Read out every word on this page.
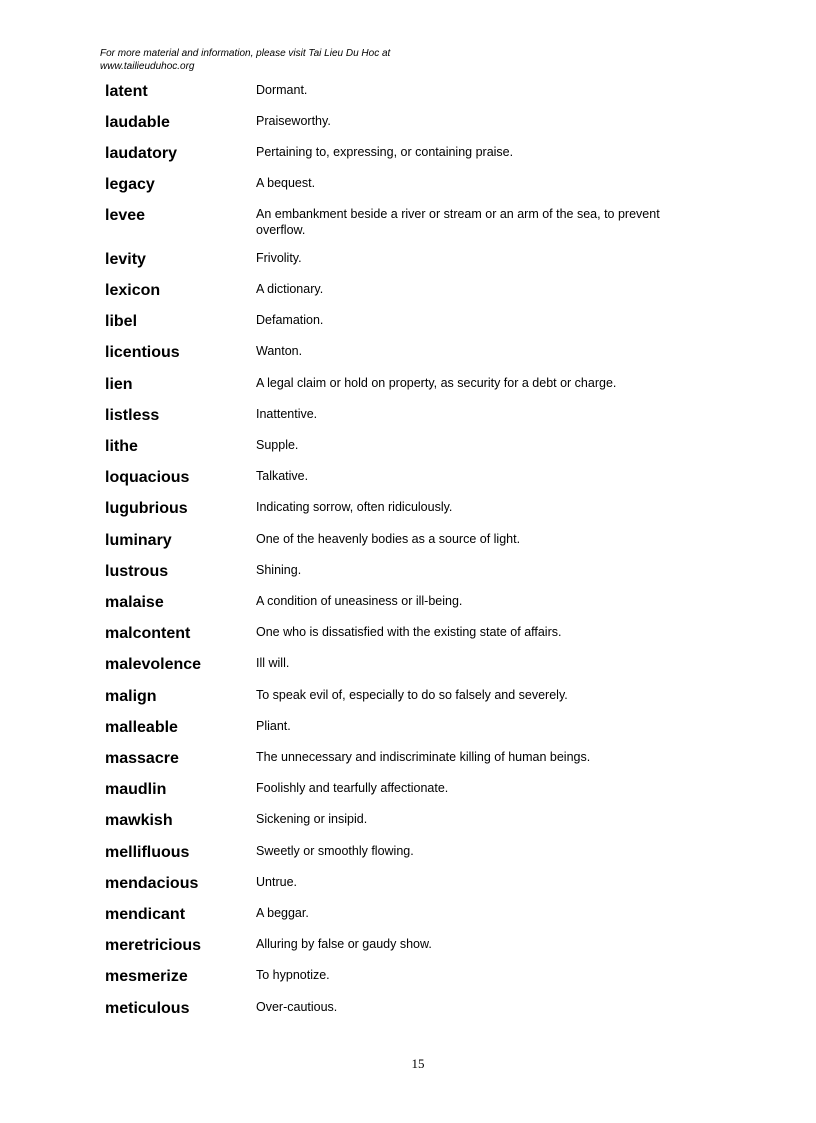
For more material and information, please visit Tai Lieu Du Hoc at
www.tailieuduhoc.org
latent	Dormant.
laudable	Praiseworthy.
laudatory	Pertaining to, expressing, or containing praise.
legacy	A bequest.
levee	An embankment beside a river or stream or an arm of the sea, to prevent overflow.
levity	Frivolity.
lexicon	A dictionary.
libel	Defamation.
licentious	Wanton.
lien	A legal claim or hold on property, as security for a debt or charge.
listless	Inattentive.
lithe	Supple.
loquacious	Talkative.
lugubrious	Indicating sorrow, often ridiculously.
luminary	One of the heavenly bodies as a source of light.
lustrous	Shining.
malaise	A condition of uneasiness or ill-being.
malcontent	One who is dissatisfied with the existing state of affairs.
malevolence	Ill will.
malign	To speak evil of, especially to do so falsely and severely.
malleable	Pliant.
massacre	The unnecessary and indiscriminate killing of human beings.
maudlin	Foolishly and tearfully affectionate.
mawkish	Sickening or insipid.
mellifluous	Sweetly or smoothly flowing.
mendacious	Untrue.
mendicant	A beggar.
meretricious	Alluring by false or gaudy show.
mesmerize	To hypnotize.
meticulous	Over-cautious.
15
